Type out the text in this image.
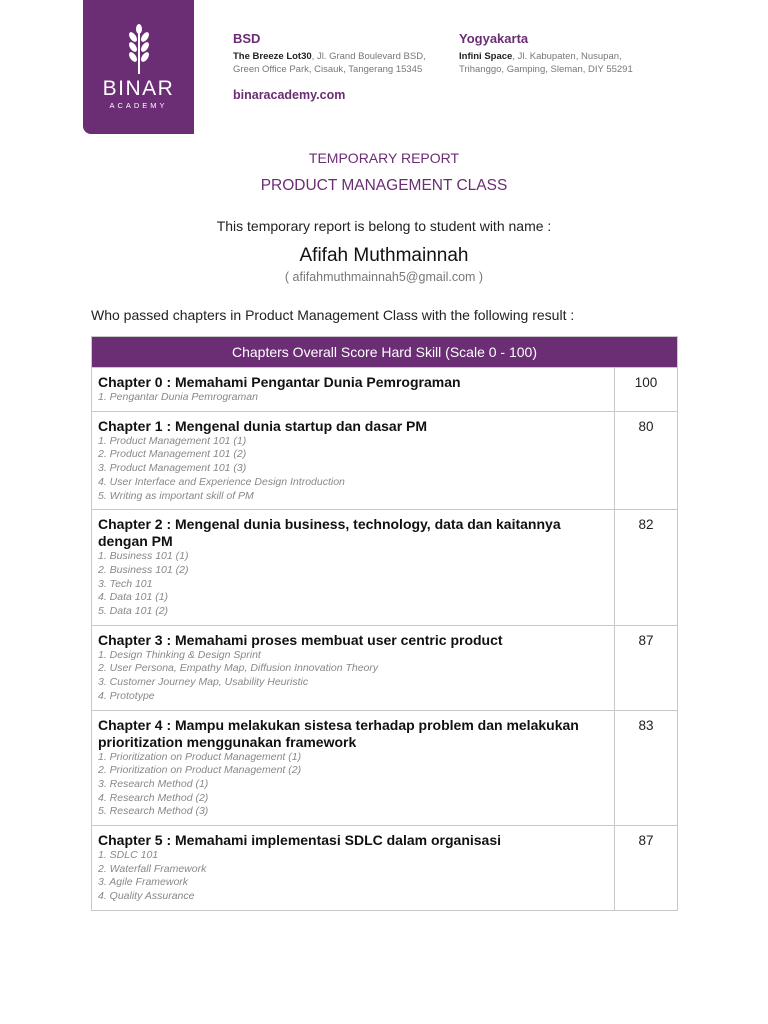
BINAR
ACADEMY
BSD

The Breeze Lot30, Jl. Grand Boulevard BSD, Green Office Park, Cisauk, Tangerang 15345

Yogyakarta

Infini Space, Jl. Kabupaten, Nusupan, Trihanggo, Gamping, Sleman, DIY 55291

binaracademy.com
TEMPORARY REPORT
PRODUCT MANAGEMENT CLASS
This temporary report is belong to student with name :
Afifah Muthmainnah
( afifahmuthmainnah5@gmail.com )
Who passed chapters in Product Management Class with the following result :
Chapters Overall Score Hard Skill (Scale 0 - 100)
Chapter 0 : Memahami Pengantar Dunia Pemrograman
1. Pengantar Dunia Pemrograman
100
Chapter 1 : Mengenal dunia startup dan dasar PM
1. Product Management 101 (1)
2. Product Management 101 (2)
3. Product Management 101 (3)
4. User Interface and Experience Design Introduction
5. Writing as important skill of PM
80
Chapter 2 : Mengenal dunia business, technology, data dan kaitannya dengan PM
1. Business 101 (1)
2. Business 101 (2)
3. Tech 101
4. Data 101 (1)
5. Data 101 (2)
82
Chapter 3 : Memahami proses membuat user centric product
1. Design Thinking & Design Sprint
2. User Persona, Empathy Map, Diffusion Innovation Theory
3. Customer Journey Map, Usability Heuristic
4. Prototype
87
Chapter 4 : Mampu melakukan sistesa terhadap problem dan melakukan prioritization menggunakan framework
1. Prioritization on Product Management (1)
2. Prioritization on Product Management (2)
3. Research Method (1)
4. Research Method (2)
5. Research Method (3)
83
Chapter 5 : Memahami implementasi SDLC dalam organisasi
1. SDLC 101
2. Waterfall Framework
3. Agile Framework
4. Quality Assurance
87
